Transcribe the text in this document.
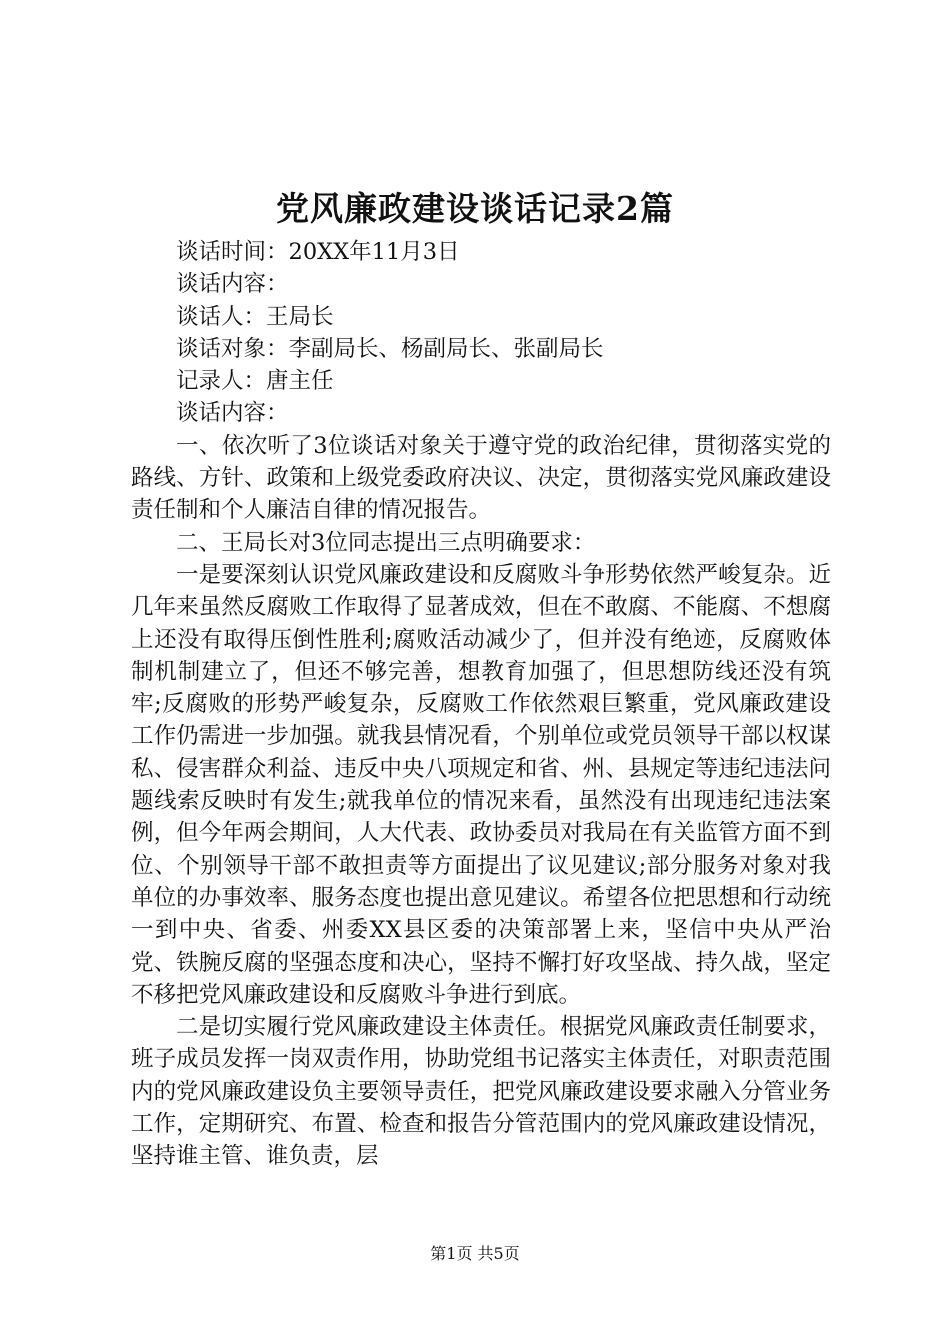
党风廉政建设谈话记录2篇

谈话时间：20XX年11月3日

谈话内容：

谈话人：王局长

谈话对象：李副局长、杨副局长、张副局长

记录人：唐主任

谈话内容：

一、依次听了3位谈话对象关于遵守党的政治纪律，贯彻落实党的路线、方针、政策和上级党委政府决议、决定，贯彻落实党风廉政建设责任制和个人廉洁自律的情况报告。

二、王局长对3位同志提出三点明确要求：

一是要深刻认识党风廉政建设和反腐败斗争形势依然严峻复杂。近几年来虽然反腐败工作取得了显著成效，但在不敢腐、不能腐、不想腐上还没有取得压倒性胜利;腐败活动减少了，但并没有绝迹，反腐败体制机制建立了，但还不够完善，想教育加强了，但思想防线还没有筑牢;反腐败的形势严峻复杂，反腐败工作依然艰巨繁重，党风廉政建设工作仍需进一步加强。就我县情况看，个别单位或党员领导干部以权谋私、侵害群众利益、违反中央八项规定和省、州、县规定等违纪违法问题线索反映时有发生;就我单位的情况来看，虽然没有出现违纪违法案例，但今年两会期间，人大代表、政协委员对我局在有关监管方面不到位、个别领导干部不敢担责等方面提出了议见建议;部分服务对象对我单位的办事效率、服务态度也提出意见建议。希望各位把思想和行动统一到中央、省委、州委XX县区委的决策部署上来，坚信中央从严治党、铁腕反腐的坚强态度和决心，坚持不懈打好攻坚战、持久战，坚定不移把党风廉政建设和反腐败斗争进行到底。

二是切实履行党风廉政建设主体责任。根据党风廉政责任制要求，班子成员发挥一岗双责作用，协助党组书记落实主体责任，对职责范围内的党风廉政建设负主要领导责任，把党风廉政建设要求融入分管业务工作，定期研究、布置、检查和报告分管范围内的党风廉政建设情况，坚持谁主管、谁负责，层

第1页 共5页
